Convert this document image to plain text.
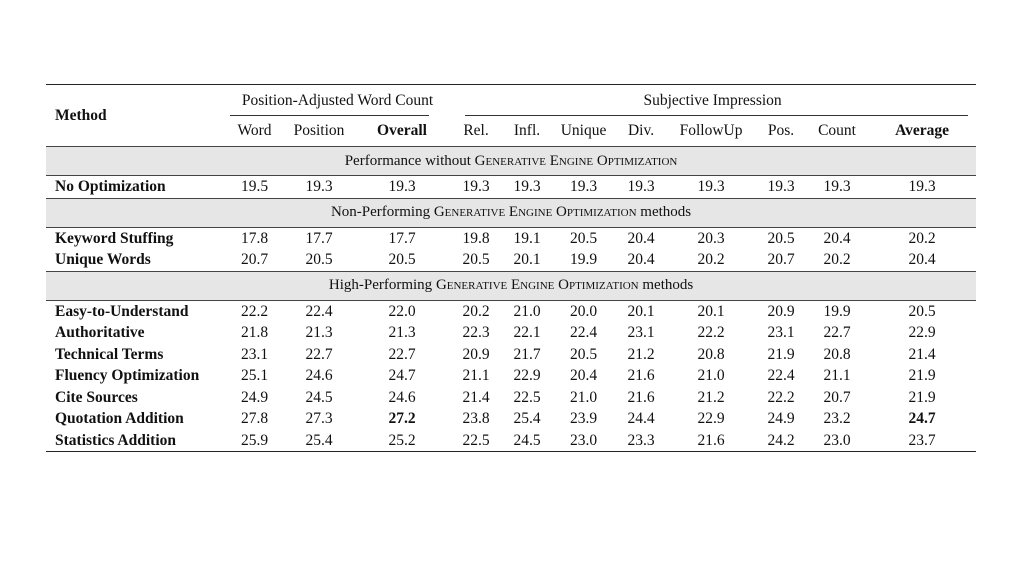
Method	Position-Adjusted Word Count			Subjective Impression							
	Word	Position	Overall	Rel.	Infl.	Unique	Div.	FollowUp	Pos.	Count	Average
Performance without Generative Engine Optimization											
No Optimization	19.5	19.3	19.3	19.3	19.3	19.3	19.3	19.3	19.3	19.3	19.3
Non-Performing Generative Engine Optimization methods											
Keyword Stuffing	17.8	17.7	17.7	19.8	19.1	20.5	20.4	20.3	20.5	20.4	20.2
Unique Words	20.7	20.5	20.5	20.5	20.1	19.9	20.4	20.2	20.7	20.2	20.4
High-Performing Generative Engine Optimization methods											
Easy-to-Understand	22.2	22.4	22.0	20.2	21.0	20.0	20.1	20.1	20.9	19.9	20.5
Authoritative	21.8	21.3	21.3	22.3	22.1	22.4	23.1	22.2	23.1	22.7	22.9
Technical Terms	23.1	22.7	22.7	20.9	21.7	20.5	21.2	20.8	21.9	20.8	21.4
Fluency Optimization	25.1	24.6	24.7	21.1	22.9	20.4	21.6	21.0	22.4	21.1	21.9
Cite Sources	24.9	24.5	24.6	21.4	22.5	21.0	21.6	21.2	22.2	20.7	21.9
Quotation Addition	27.8	27.3	27.2	23.8	25.4	23.9	24.4	22.9	24.9	23.2	24.7
Statistics Addition	25.9	25.4	25.2	22.5	24.5	23.0	23.3	21.6	24.2	23.0	23.7
